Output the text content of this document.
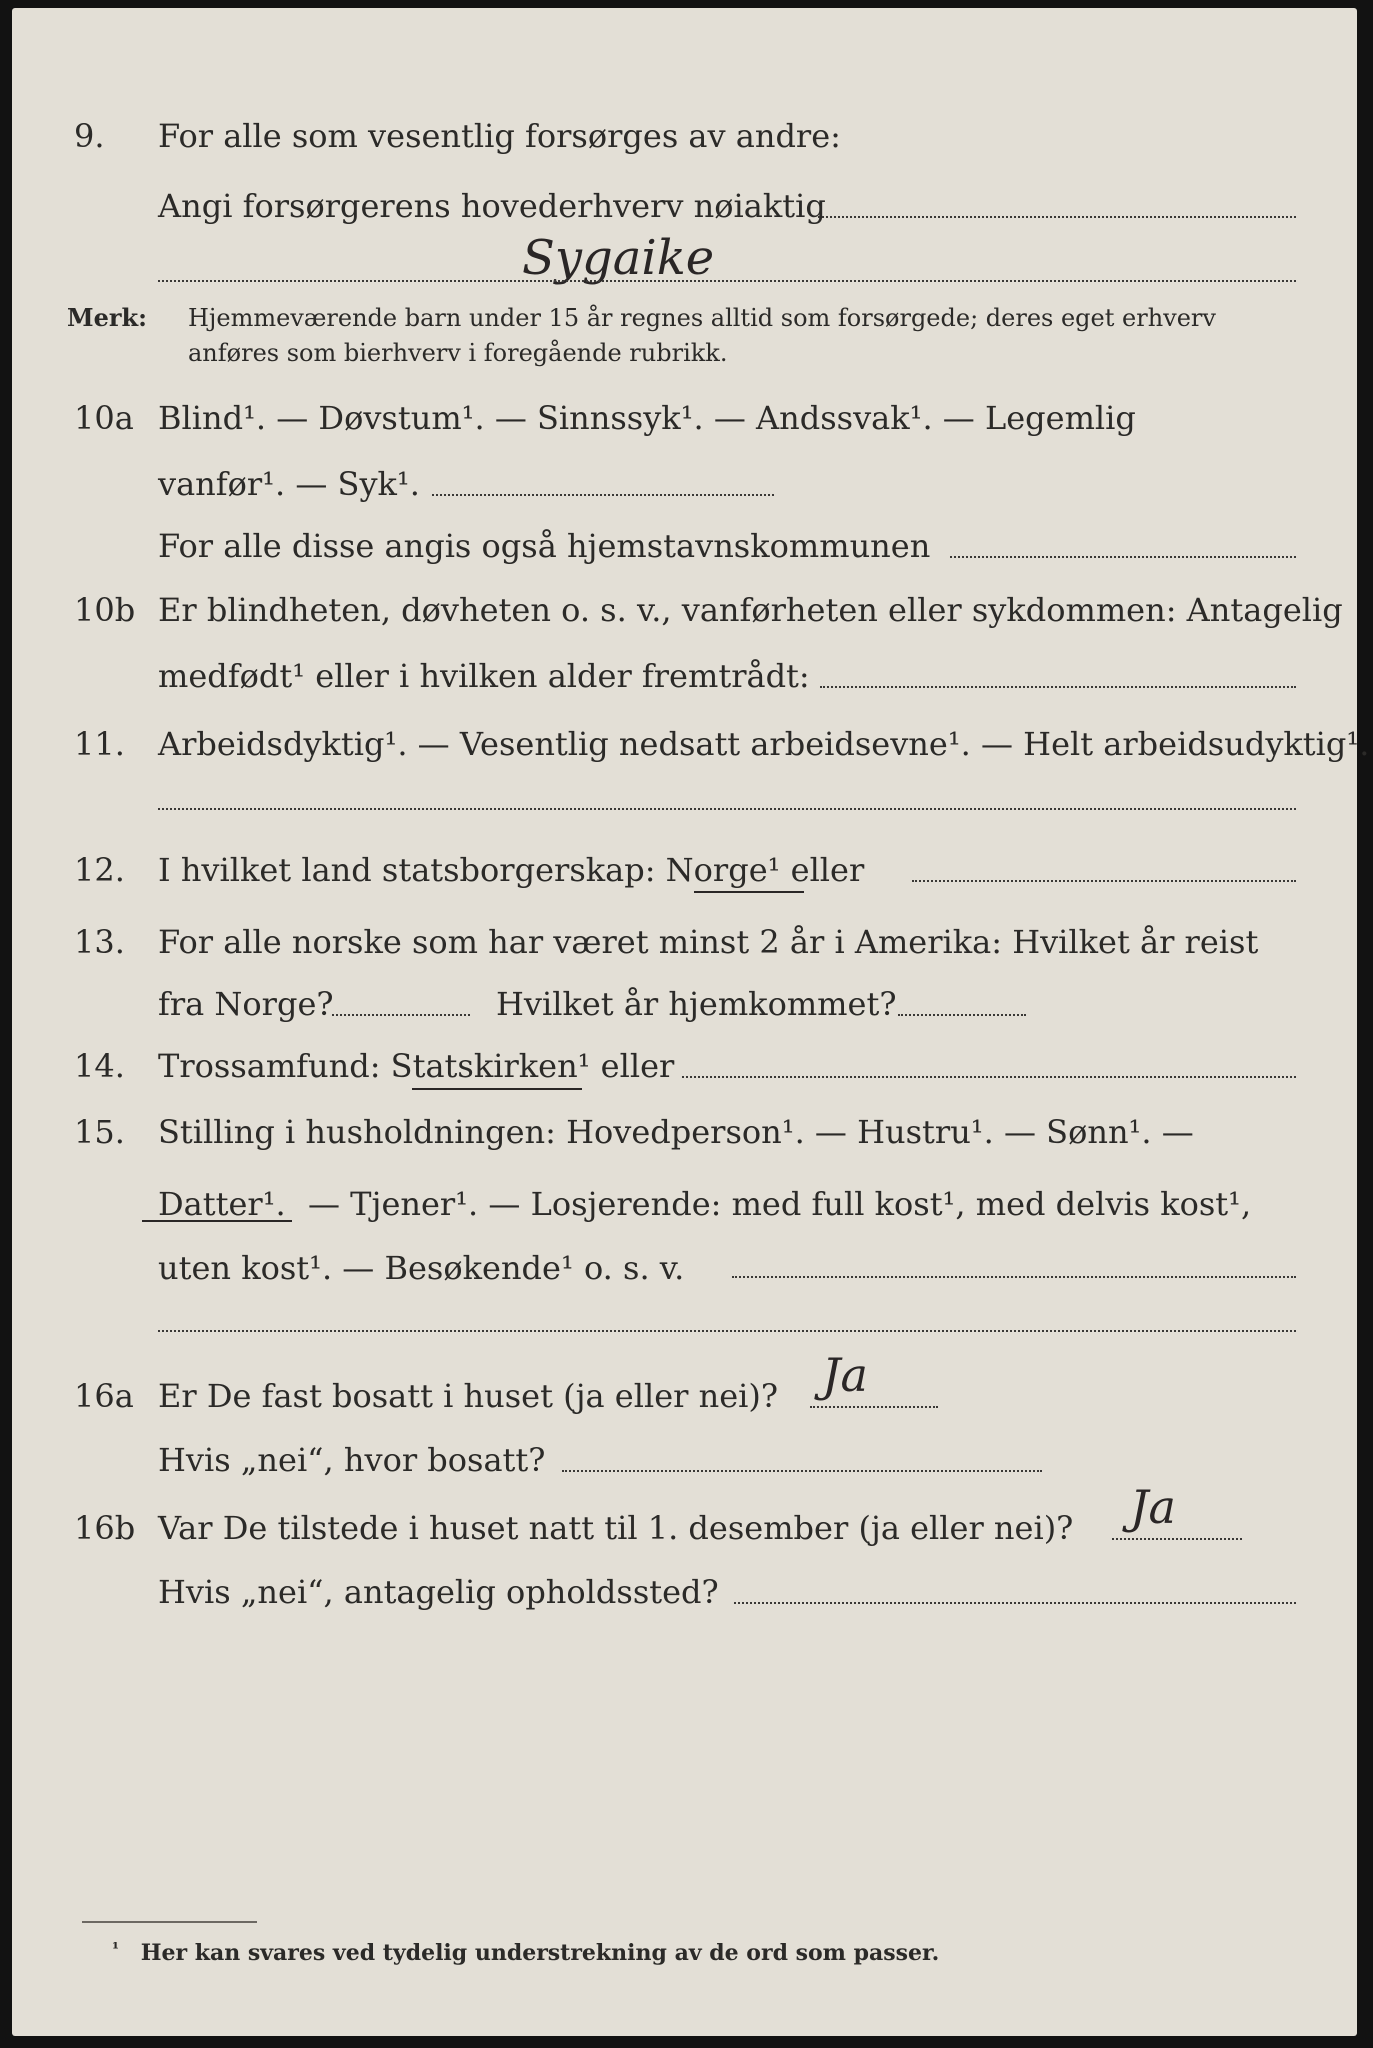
9.	For alle som vesentlig forsørges av andre:
Angi forsørgerens hovederhverv nøiaktig
Sygaike
Merk: Hjemmeværende barn under 15 år regnes alltid som forsørgede; deres eget erhverv
anføres som bierhverv i foregående rubrikk.
10a Blind¹. — Døvstum¹. — Sinnssyk¹. — Andssvak¹. — Legemlig
vanfør¹. — Syk¹.
For alle disse angis også hjemstavnskommunen
10b Er blindheten, døvheten o. s. v., vanførheten eller sykdommen: Antagelig
medfødt¹ eller i hvilken alder fremtrådt:
11.	Arbeidsdyktig¹. — Vesentlig nedsatt arbeidsevne¹. — Helt arbeidsudyktig¹.
12.	I hvilket land statsborgerskap: Norge¹ eller
13.	For alle norske som har været minst 2 år i Amerika: Hvilket år reist
fra Norge?	Hvilket år hjemkommet?
14.	Trossamfund: Statskirken¹ eller
15.	Stilling i husholdningen: Hovedperson¹. — Hustru¹. — Sønn¹. —
Datter¹. — Tjener¹. — Losjerende: med full kost¹, med delvis kost¹,
uten kost¹. — Besøkende¹ o. s. v.
16a Er De fast bosatt i huset (ja eller nei)? Ja
Hvis „nei“, hvor bosatt?
16b Var De tilstede i huset natt til 1. desember (ja eller nei)? Ja
Hvis „nei“, antagelig opholdssted?
$^{^1}$ Her kan svares ved tydelig understrekning av de ord som passer.
